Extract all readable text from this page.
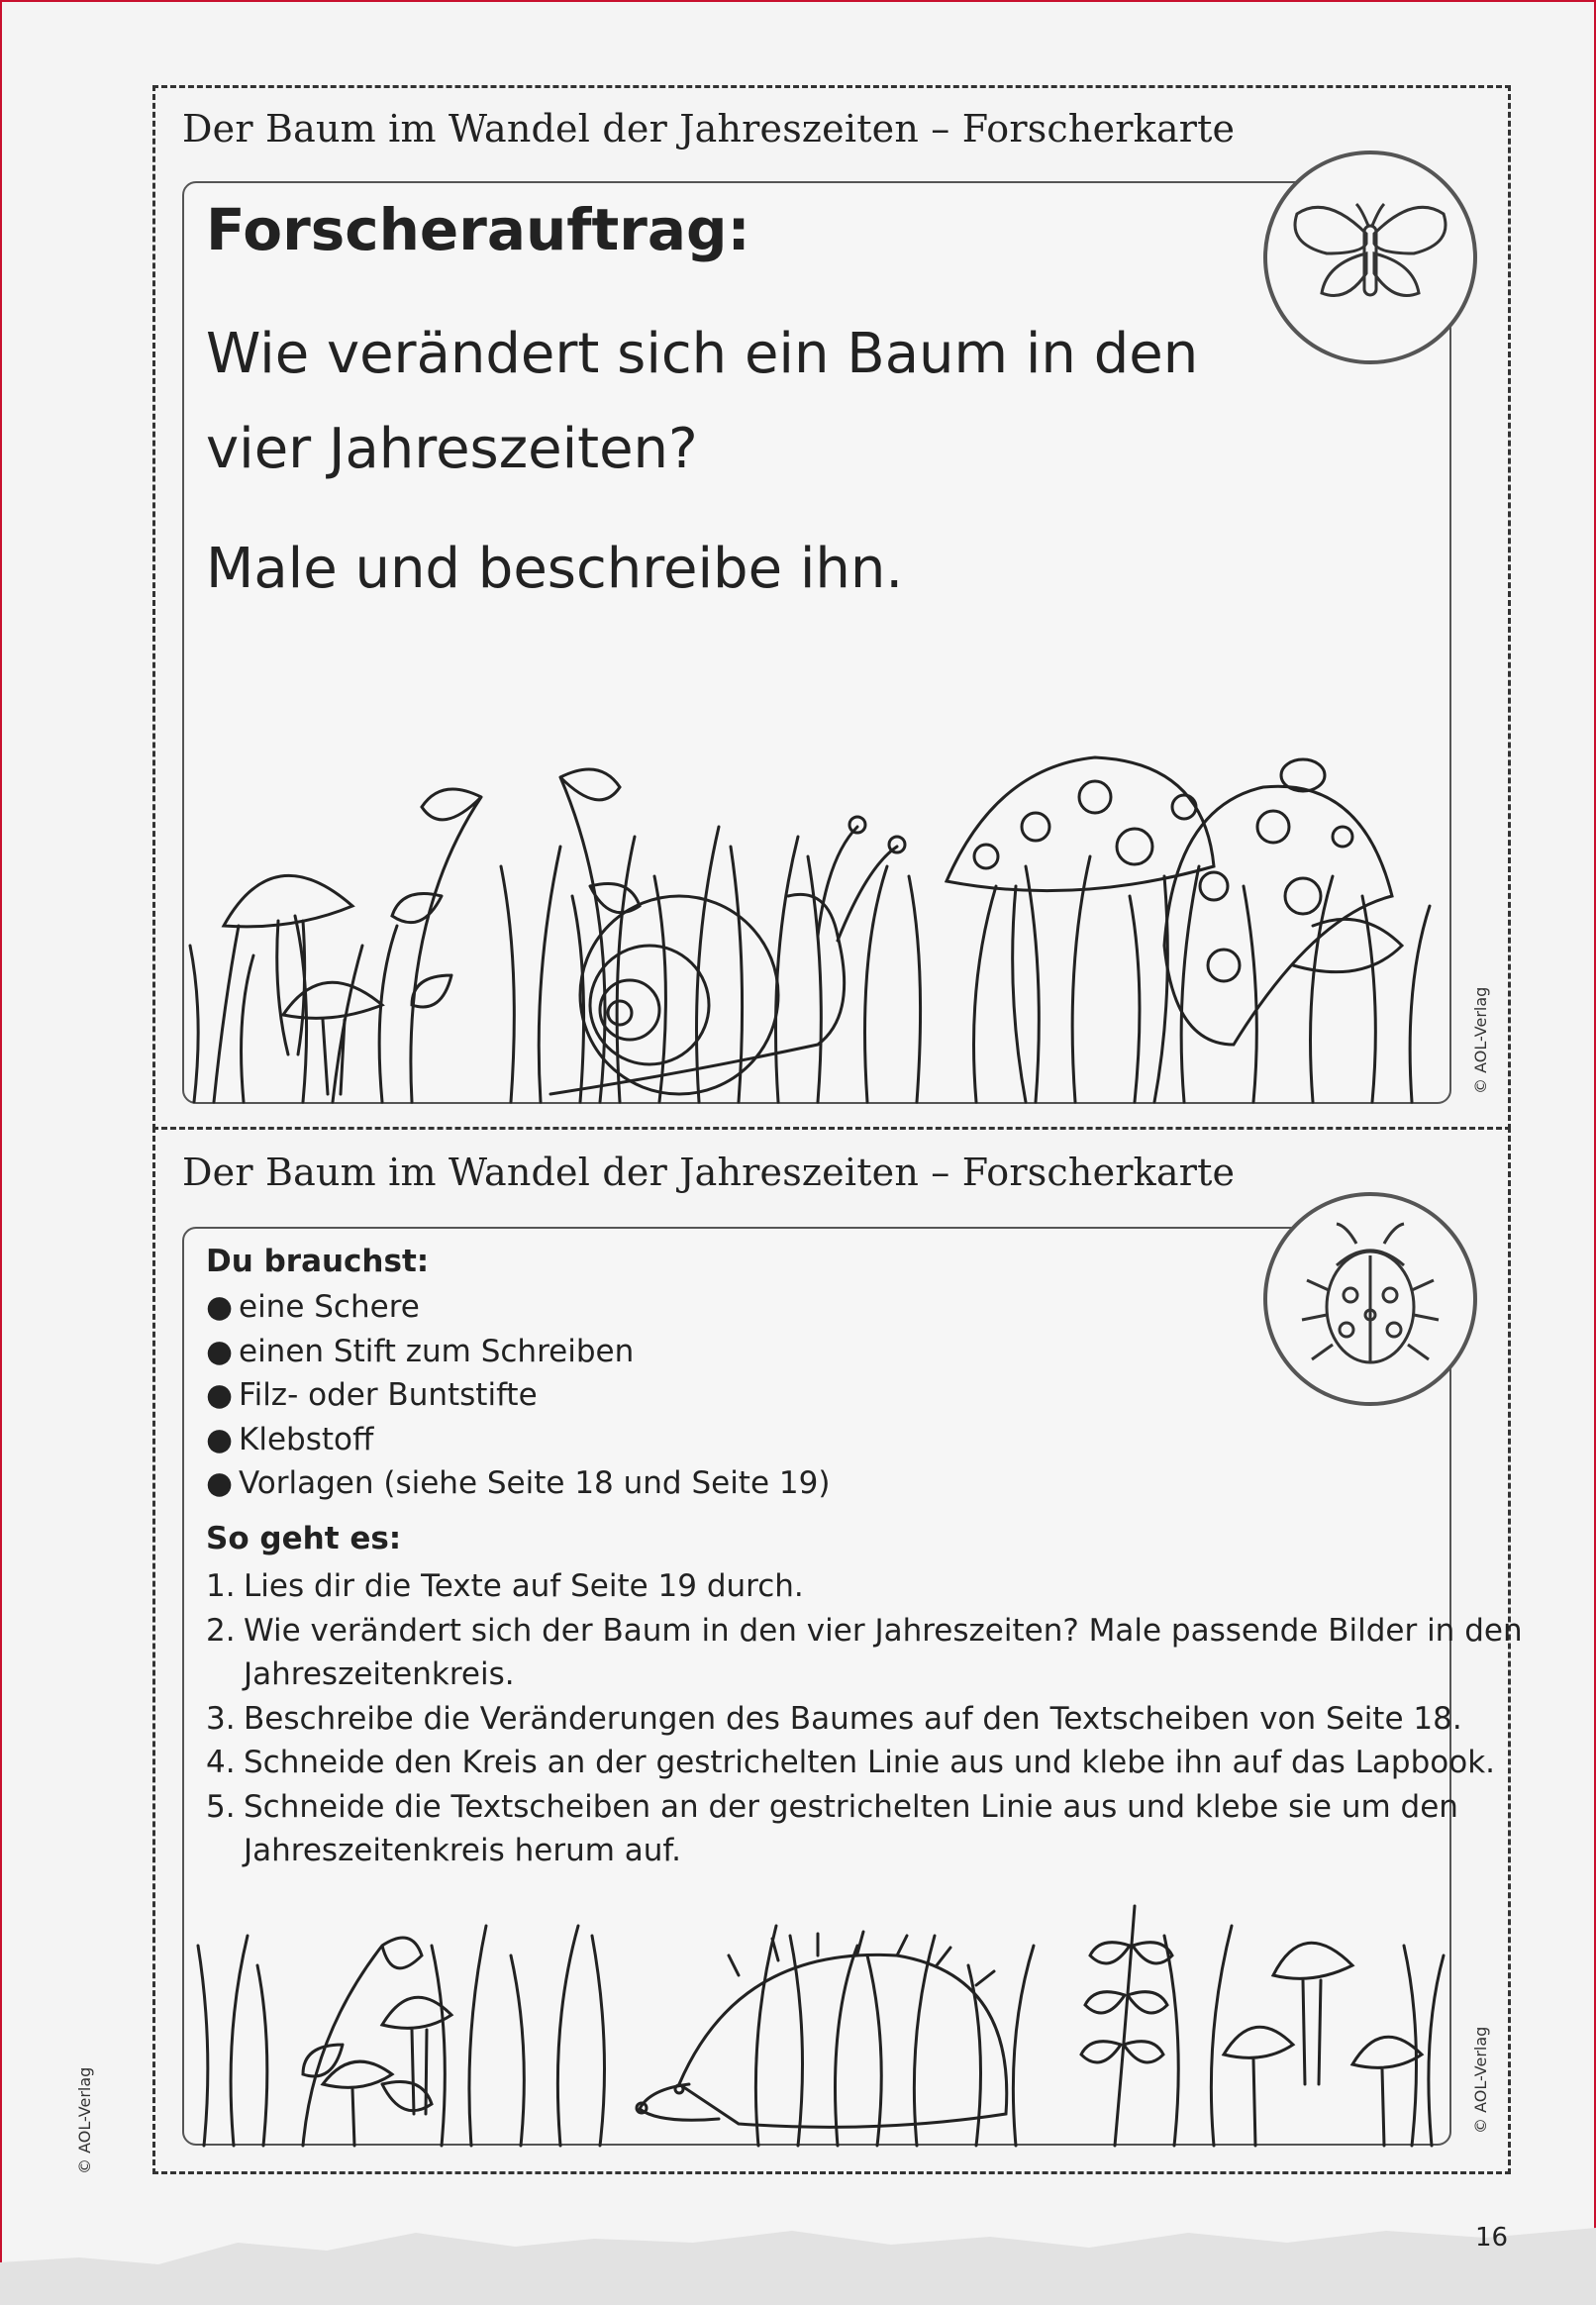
Der Baum im Wandel der Jahreszeiten – Forscherkarte
© AOL-Verlag
Forscherauftrag:

Wie verändert sich ein Baum in den

vier Jahreszeiten?

Male und beschreibe ihn.

Der Baum im Wandel der Jahreszeiten – Forscherkarte
© AOL-Verlag
Du brauchst:
● eine Schere
● einen Stift zum Schreiben
● Filz- oder Buntstifte
● Klebstoff
● Vorlagen (siehe Seite 18 und Seite 19)
So geht es:
1. Lies dir die Texte auf Seite 19 durch.
2. Wie verändert sich der Baum in den vier Jahreszeiten? Male passende Bilder in den
Jahreszeitenkreis.
3. Beschreibe die Veränderungen des Baumes auf den Textscheiben von Seite 18.
4. Schneide den Kreis an der gestrichelten Linie aus und klebe ihn auf das Lapbook.
5. Schneide die Textscheiben an der gestrichelten Linie aus und klebe sie um den
Jahreszeitenkreis herum auf.
© AOL-Verlag
16
